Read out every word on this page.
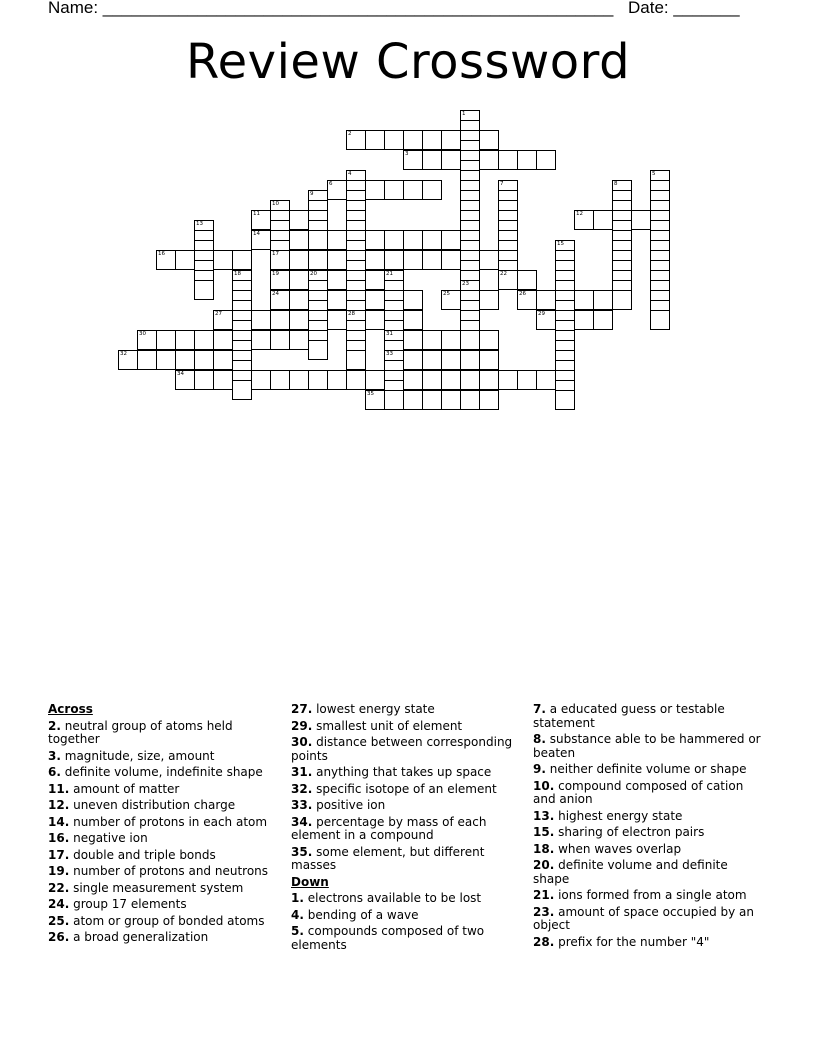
Name: ______________________________________________________ Date: _______
Review Crossword
1
23
2
3
4
28
5
6	7
22
8
9
10
11	12
13
14
15
16	17
18	19	20	21
31
33
24	25	26
27	29
30
32
34
35
Across
2. neutral group of atoms held together
3. magnitude, size, amount
6. definite volume, indefinite shape
11. amount of matter
12. uneven distribution charge
14. number of protons in each atom
16. negative ion
17. double and triple bonds
19. number of protons and neutrons
22. single measurement system
24. group 17 elements
25. atom or group of bonded atoms
26. a broad generalization
27. lowest energy state
29. smallest unit of element
30. distance between corresponding points
31. anything that takes up space
32. specific isotope of an element
33. positive ion
34. percentage by mass of each element in a compound
35. some element, but different masses
Down
1. electrons available to be lost
4. bending of a wave
5. compounds composed of two elements
7. a educated guess or testable statement
8. substance able to be hammered or beaten
9. neither definite volume or shape
10. compound composed of cation and anion
13. highest energy state
15. sharing of electron pairs
18. when waves overlap
20. definite volume and definite shape
21. ions formed from a single atom
23. amount of space occupied by an object
28. prefix for the number "4"
